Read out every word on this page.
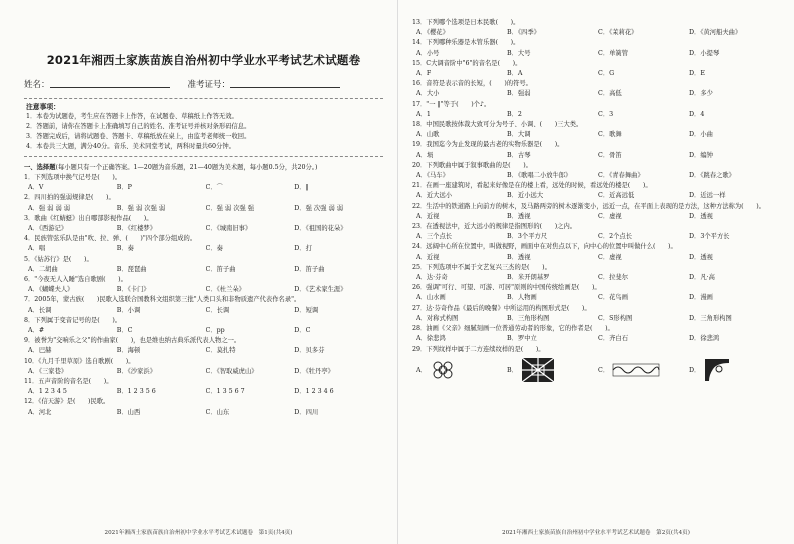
2021年湘西土家族苗族自治州初中学业水平考试艺术试题卷
姓名：	准考证号：
注意事项：
1．本卷为试题卷，考生应在答题卡上作答，在试题卷、草稿纸上作答无效。
2．答题前，请你在答题卡上准确填写自己的姓名、准考证号并核对条形码信息。
3．答题完成后，请将试题卷、答题卡、草稿纸放在桌上，由监考老师统一收回。
4．本卷共三大题，满分40分。音乐、美术同堂考试，两科时量共60分钟。
一、选择题(每小题只有一个正确答案。1—20题为音乐题，21—40题为美术题，每小题0.5分，共20分。)
1．下列选项中换气记号是(　　)。
A．V	B．P	C．⌒	D．‖
2．四川拍的强弱规律是(　　)。
A．强 弱 弱 弱	B．强 弱 次强 弱	C．强 弱 次强 强	D．强 次强 弱 弱
3．歌曲《红蜻蜓》出自哪部影视作品(　　)。
A．《西游记》	B．《红楼梦》	C．《城南旧事》	D．《祖国的花朵》
4．民族管弦乐队是由"吹、拉、弹、(　　)"四个部分组成的。
A．唱	B．奏	C．奏	D．打
5．《姑苏行》是(　　)。
A．二胡曲	B．琵琶曲	C．笛子曲	D．笛子曲
6．"今夜无人入睡"选自歌剧(　　)。
A．《蝴蝶夫人》	B．《卡门》	C．《杜兰朵》	D．《艺术家生涯》
7．2005年，蒙古族(　　)民歌入选联合国教科文组织第三批"人类口头和非物质遗产代表作名录"。
A．长调	B．小调	C．长调	D．短调
8．下列属于变音记号的是(　　)。
A．#	B．C	C．pp	D．C
9．被誉为"交响乐之父"的作曲家(　　)，也是维也纳古典乐派代表人物之一。
A．巴赫	B．海顿	C．莫扎特	D．贝多芬
10．《九月千里草原》选自歌剧(　　)。
A．《三家巷》	B．《沙家浜》	C．《智取威虎山》	D．《牡丹亭》
11．五声音阶的音名是(　　)。
A．1 2 3 4 5	B．1 2 3 5 6	C．1 3 5 6 7	D．1 2 3 4 6
12．《信天游》是(　　)民歌。
A．河北	B．山西	C．山东	D．四川
2021年湘西土家族苗族自治州初中学业水平考试艺术试题卷　第1页(共4页)
13．下列哪个选项是日本民歌(　　)。
A．《樱花》	B．《四季》	C．《茉莉花》	D．《黄河船夫曲》
14．下列哪种乐器是木管乐器(　　)。
A．小号	B．大号	C．单簧管	D．小提琴
15．C大调音阶中"6"的音名是(　　)。
A．F	B．A	C．G	D．E
16．音符是表示音的长短，(　　)的符号。
A．大小	B．强弱	C．高低	D．多少
17．"一 ‖"等于(　　)个♪。
A．1	B．2	C．3	D．4
18．中国民歌按体裁大致可分为号子、小调、(　　)三大类。
A．山歌	B．大调	C．歌舞	D．小曲
19．我国迄今为止发现的最古老的实物乐器是(　　)。
A．埙	B．古琴	C．骨笛	D．编钟
20．下列歌曲中属于叙事歌曲的是(　　)。
A．《马车》	B．《歌唱二小放牛郎》	C．《青春舞曲》	D．《跳春之歌》
21．在画一座建筑时，看起来好像是在的楼上看，远处的时候，看远处的楼是(　　)。
A．近大远小	B．近小远大	C．近高远低	D．近远一样
22．生活中的铁道路上向前方的树木，及马路两旁的树木逐渐变小，远近一点，在平面上表现的是方法，这种方法称为(　　)。
A．近视	B．透视	C．虚视	D．透视
23．在透视法中，近大远小的规律是指图形的(　　)之内。
A．三个点长	B．3个平方尺	C．2个点长	D．3个平方长
24．远阔中心所在位置中，叫做视野，画面中在对焦点以下，向中心的位置中叫做什么(　　)。
A．近视	B．透视	C．虚视	D．透视
25．下列选项中不属于文艺复兴三杰的是(　　)。
A．达·芬奇	B．米开朗基罗	C．拉斐尔	D．凡·高
26．强调"可行、可望、可游、可居"原则的中国传统绘画是(　　)。
A．山水画	B．人物画	C．花鸟画	D．漫画
27．达·芬奇作品《最后的晚餐》中所运用的构图形式是(　　)。
A．对称式构图	B．三角形构图	C．S形构图	D．三角形构图
28．油画《父亲》细腻刻画一位普通劳动者的形象，它的作者是(　　)。
A．徐悲鸿	B．罗中立	C．齐白石	D．徐悲鸿
29．下列纹样中属于二方连续纹样的是(　　)。
A．	B．	C．	D．
2021年湘西土家族苗族自治州初中学业水平考试艺术试题卷　第2页(共4页)
